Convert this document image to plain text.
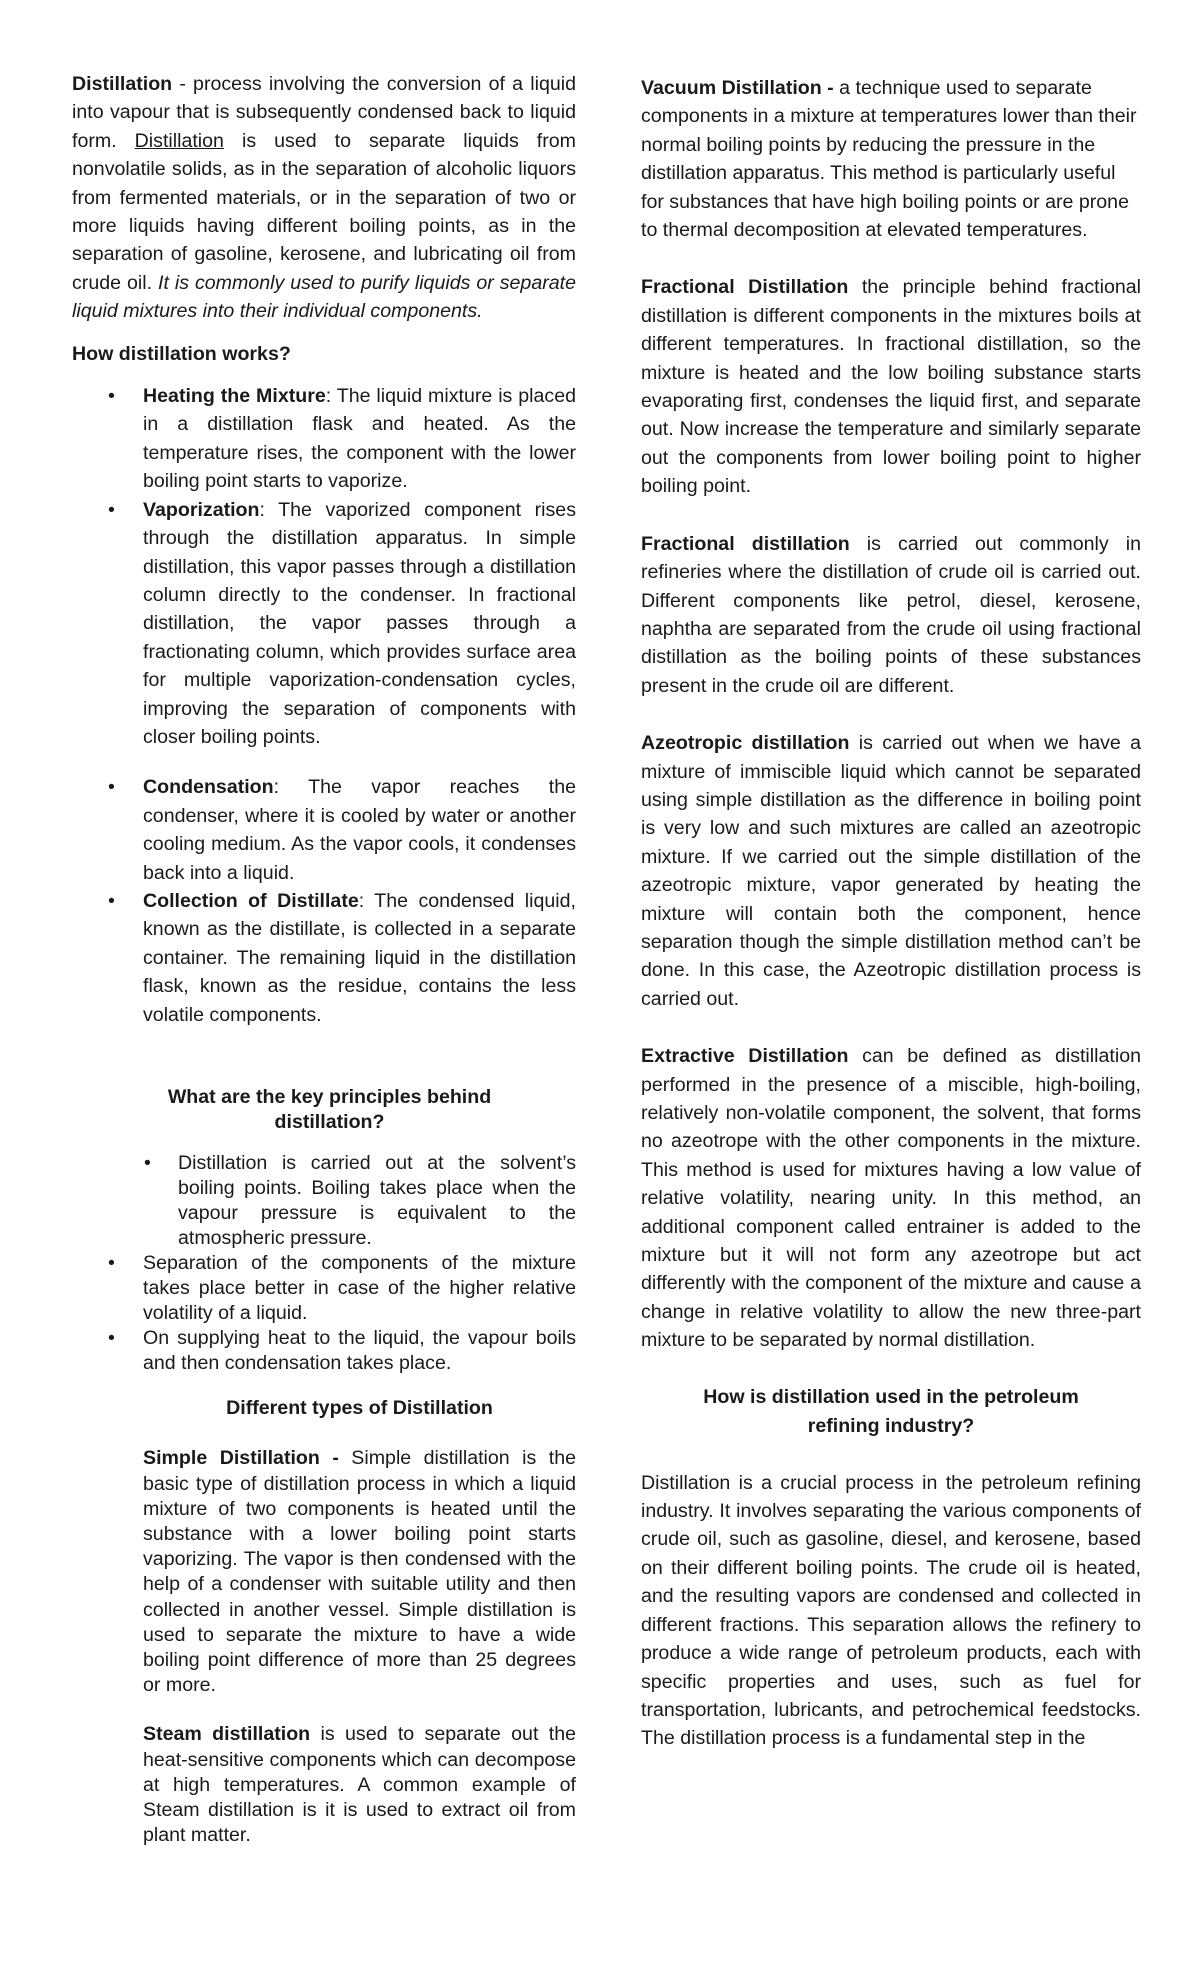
Distillation - process involving the conversion of a liquid into vapour that is subsequently condensed back to liquid form. Distillation is used to separate liquids from nonvolatile solids, as in the separation of alcoholic liquors from fermented materials, or in the separation of two or more liquids having different boiling points, as in the separation of gasoline, kerosene, and lubricating oil from crude oil. It is commonly used to purify liquids or separate liquid mixtures into their individual components.

How distillation works?

• Heating the Mixture: The liquid mixture is placed in a distillation flask and heated. As the temperature rises, the component with the lower boiling point starts to vaporize.
• Vaporization: The vaporized component rises through the distillation apparatus. In simple distillation, this vapor passes through a distillation column directly to the condenser. In fractional distillation, the vapor passes through a fractionating column, which provides surface area for multiple vaporization-condensation cycles, improving the separation of components with closer boiling points.
• Condensation: The vapor reaches the condenser, where it is cooled by water or another cooling medium. As the vapor cools, it condenses back into a liquid.
• Collection of Distillate: The condensed liquid, known as the distillate, is collected in a separate container. The remaining liquid in the distillation flask, known as the residue, contains the less volatile components.

What are the key principles behind distillation?

• Distillation is carried out at the solvent’s boiling points. Boiling takes place when the vapour pressure is equivalent to the atmospheric pressure.
• Separation of the components of the mixture takes place better in case of the higher relative volatility of a liquid.
• On supplying heat to the liquid, the vapour boils and then condensation takes place.

Different types of Distillation

Simple Distillation - Simple distillation is the basic type of distillation process in which a liquid mixture of two components is heated until the substance with a lower boiling point starts vaporizing. The vapor is then condensed with the help of a condenser with suitable utility and then collected in another vessel. Simple distillation is used to separate the mixture to have a wide boiling point difference of more than 25 degrees or more.

Steam distillation is used to separate out the heat-sensitive components which can decompose at high temperatures. A common example of Steam distillation is it is used to extract oil from plant matter.

Vacuum Distillation - a technique used to separate components in a mixture at temperatures lower than their normal boiling points by reducing the pressure in the distillation apparatus. This method is particularly useful for substances that have high boiling points or are prone to thermal decomposition at elevated temperatures.

Fractional Distillation the principle behind fractional distillation is different components in the mixtures boils at different temperatures. In fractional distillation, so the mixture is heated and the low boiling substance starts evaporating first, condenses the liquid first, and separate out. Now increase the temperature and similarly separate out the components from lower boiling point to higher boiling point.

Fractional distillation is carried out commonly in refineries where the distillation of crude oil is carried out. Different components like petrol, diesel, kerosene, naphtha are separated from the crude oil using fractional distillation as the boiling points of these substances present in the crude oil are different.

Azeotropic distillation is carried out when we have a mixture of immiscible liquid which cannot be separated using simple distillation as the difference in boiling point is very low and such mixtures are called an azeotropic mixture. If we carried out the simple distillation of the azeotropic mixture, vapor generated by heating the mixture will contain both the component, hence separation though the simple distillation method can’t be done. In this case, the Azeotropic distillation process is carried out.

Extractive Distillation can be defined as distillation performed in the presence of a miscible, high-boiling, relatively non-volatile component, the solvent, that forms no azeotrope with the other components in the mixture. This method is used for mixtures having a low value of relative volatility, nearing unity. In this method, an additional component called entrainer is added to the mixture but it will not form any azeotrope but act differently with the component of the mixture and cause a change in relative volatility to allow the new three-part mixture to be separated by normal distillation.

How is distillation used in the petroleum refining industry?

Distillation is a crucial process in the petroleum refining industry. It involves separating the various components of crude oil, such as gasoline, diesel, and kerosene, based on their different boiling points. The crude oil is heated, and the resulting vapors are condensed and collected in different fractions. This separation allows the refinery to produce a wide range of petroleum products, each with specific properties and uses, such as fuel for transportation, lubricants, and petrochemical feedstocks. The distillation process is a fundamental step in the
